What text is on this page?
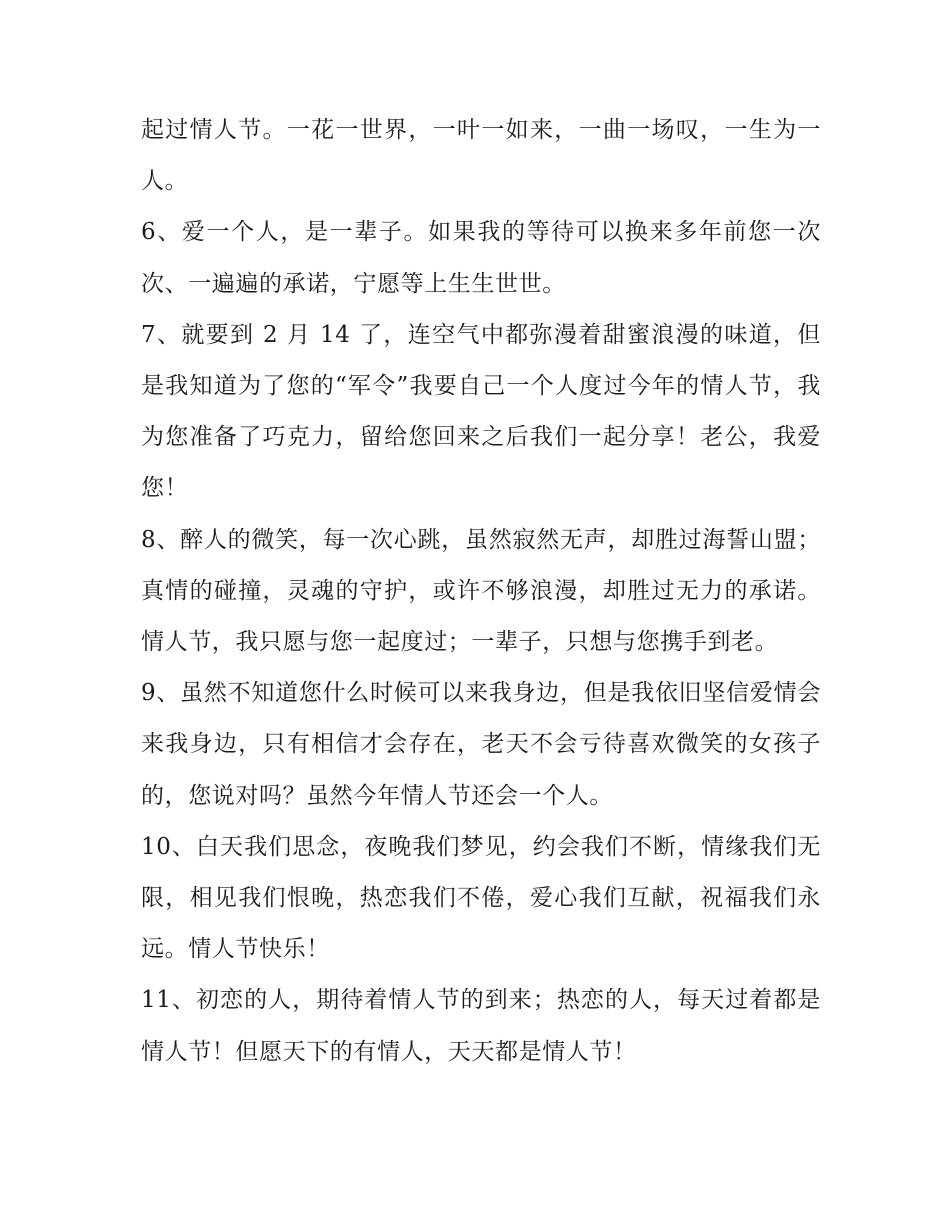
起过情人节。一花一世界，一叶一如来，一曲一场叹，一生为一人。

6、爱一个人，是一辈子。如果我的等待可以换来多年前您一次次、一遍遍的承诺，宁愿等上生生世世。

7、就要到 2 月 14 了，连空气中都弥漫着甜蜜浪漫的味道，但是我知道为了您的“军令”我要自己一个人度过今年的情人节，我为您准备了巧克力，留给您回来之后我们一起分享！老公，我爱您！

8、醉人的微笑，每一次心跳，虽然寂然无声，却胜过海誓山盟；真情的碰撞，灵魂的守护，或许不够浪漫，却胜过无力的承诺。情人节，我只愿与您一起度过；一辈子，只想与您携手到老。

9、虽然不知道您什么时候可以来我身边，但是我依旧坚信爱情会来我身边，只有相信才会存在，老天不会亏待喜欢微笑的女孩子的，您说对吗？虽然今年情人节还会一个人。

10、白天我们思念，夜晚我们梦见，约会我们不断，情缘我们无限，相见我们恨晚，热恋我们不倦，爱心我们互献，祝福我们永远。情人节快乐！

11、初恋的人，期待着情人节的到来；热恋的人，每天过着都是情人节！但愿天下的有情人，天天都是情人节！
